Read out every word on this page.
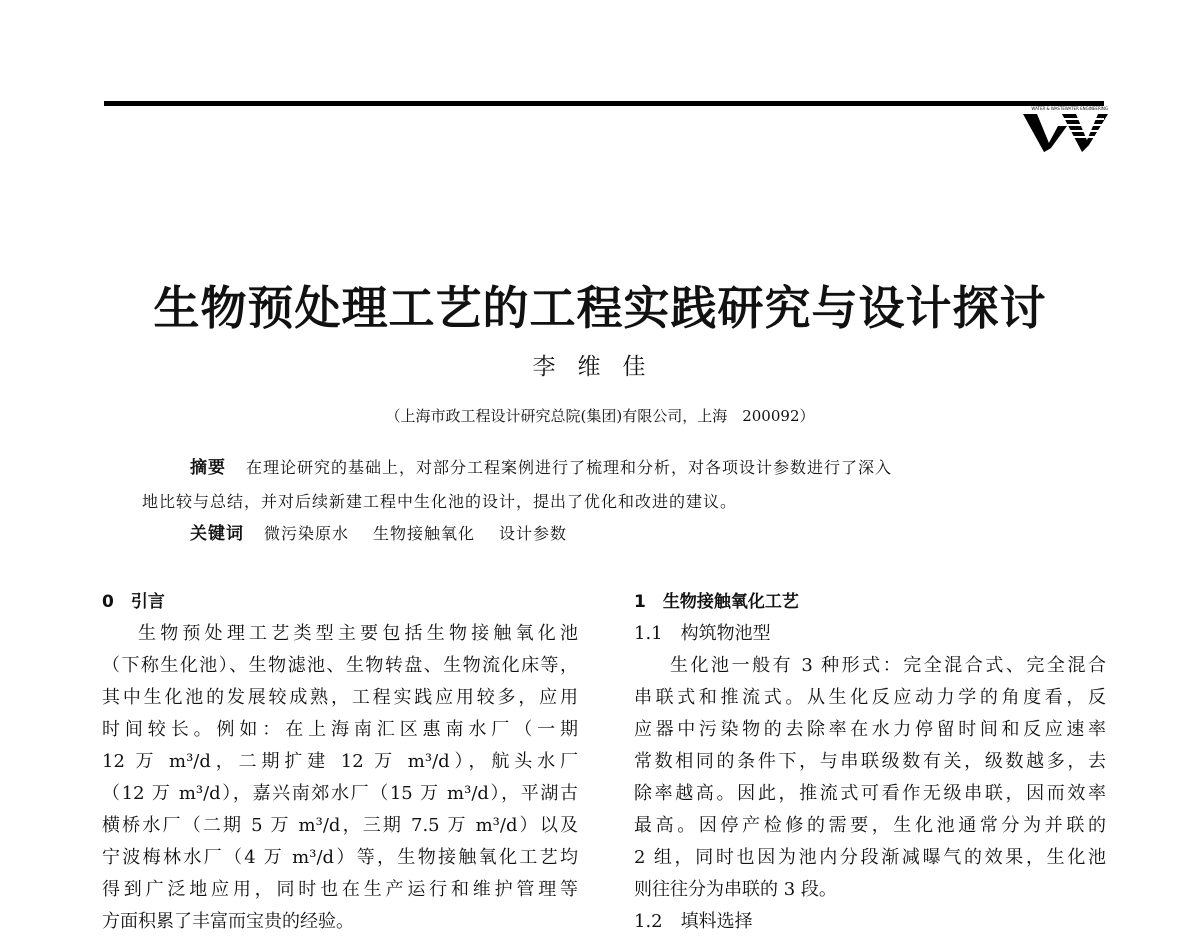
WATER & WASTEWATER ENGINEERING
生物预处理工艺的工程实践研究与设计探讨
李维佳
（上海市政工程设计研究总院(集团)有限公司，上海　200092）
摘要 在理论研究的基础上，对部分工程案例进行了梳理和分析，对各项设计参数进行了深入
地比较与总结，并对后续新建工程中生化池的设计，提出了优化和改进的建议。
关键词 微污染原水 生物接触氧化 设计参数
0　引言
生物预处理工艺类型主要包括生物接触氧化池
（下称生化池）、生物滤池、生物转盘、生物流化床等，
其中生化池的发展较成熟，工程实践应用较多，应用
时间较长。例如：在上海南汇区惠南水厂（一期
12 万 m³/d，二期扩建 12 万 m³/d），航头水厂
（12 万 m³/d），嘉兴南郊水厂（15 万 m³/d），平湖古
横桥水厂（二期 5 万 m³/d，三期 7.5 万 m³/d）以及
宁波梅林水厂（4 万 m³/d）等，生物接触氧化工艺均
得到广泛地应用，同时也在生产运行和维护管理等
方面积累了丰富而宝贵的经验。
1　生物接触氧化工艺
1.1　构筑物池型
生化池一般有 3 种形式：完全混合式、完全混合
串联式和推流式。从生化反应动力学的角度看，反
应器中污染物的去除率在水力停留时间和反应速率
常数相同的条件下，与串联级数有关，级数越多，去
除率越高。因此，推流式可看作无级串联，因而效率
最高。因停产检修的需要，生化池通常分为并联的
2 组，同时也因为池内分段渐减曝气的效果，生化池
则往往分为串联的 3 段。
1.2　填料选择
